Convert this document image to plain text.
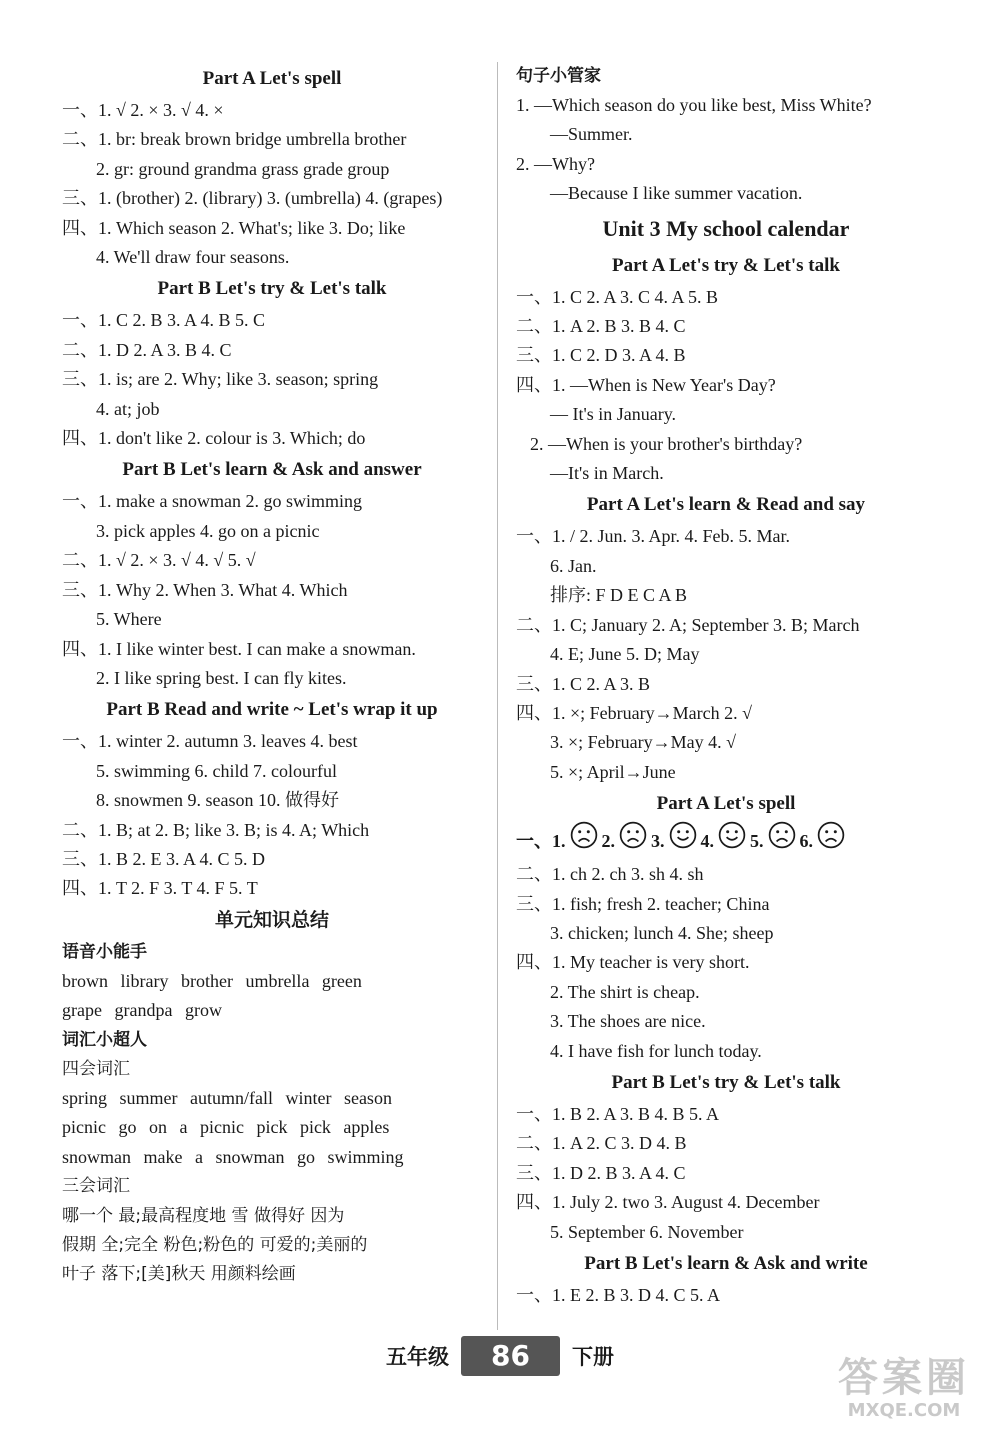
Part A Let's spell
一、1. √ 2. × 3. √ 4. ×
二、1. br: break brown bridge umbrella brother
2. gr: ground grandma grass grade group
三、1. (brother) 2. (library) 3. (umbrella) 4. (grapes)
四、1. Which season 2. What's; like 3. Do; like
4. We'll draw four seasons.
Part B Let's try & Let's talk
一、1. C 2. B 3. A 4. B 5. C
二、1. D 2. A 3. B 4. C
三、1. is; are 2. Why; like 3. season; spring
4. at; job
四、1. don't like 2. colour is 3. Which; do
Part B Let's learn & Ask and answer
一、1. make a snowman 2. go swimming
3. pick apples 4. go on a picnic
二、1. √ 2. × 3. √ 4. √ 5. √
三、1. Why 2. When 3. What 4. Which
5. Where
四、1. I like winter best. I can make a snowman.
2. I like spring best. I can fly kites.
Part B Read and write ~ Let's wrap it up
一、1. winter 2. autumn 3. leaves 4. best
5. swimming 6. child 7. colourful
8. snowmen 9. season 10. 做得好
二、1. B; at 2. B; like 3. B; is 4. A; Which
三、1. B 2. E 3. A 4. C 5. D
四、1. T 2. F 3. T 4. F 5. T
单元知识总结
语音小能手
brown library brother umbrella green
grape grandpa grow
词汇小超人
四会词汇
spring summer autumn/fall winter season
picnic go on a picnic pick pick apples
snowman make a snowman go swimming
三会词汇
哪一个 最;最高程度地 雪 做得好 因为
假期 全;完全 粉色;粉色的 可爱的;美丽的
叶子 落下;[美]秋天 用颜料绘画
句子小管家
1. —Which season do you like best, Miss White?
—Summer.
2. —Why?
—Because I like summer vacation.
Unit 3 My school calendar
Part A Let's try & Let's talk
一、1. C 2. A 3. C 4. A 5. B
二、1. A 2. B 3. B 4. C
三、1. C 2. D 3. A 4. B
四、1. —When is New Year's Day?
— It's in January.
2. —When is your brother's birthday?
—It's in March.
Part A Let's learn & Read and say
一、1. / 2. Jun. 3. Apr. 4. Feb. 5. Mar.
6. Jan.
排序: F D E C A B
二、1. C; January 2. A; September 3. B; March
4. E; June 5. D; May
三、1. C 2. A 3. B
四、1. ×; February→March 2. √
3. ×; February→May 4. √
5. ×; April→June
Part A Let's spell
一、1. 2. 3. 4. 5. 6.
二、1. ch 2. ch 3. sh 4. sh
三、1. fish; fresh 2. teacher; China
3. chicken; lunch 4. She; sheep
四、1. My teacher is very short.
2. The shirt is cheap.
3. The shoes are nice.
4. I have fish for lunch today.
Part B Let's try & Let's talk
一、1. B 2. A 3. B 4. B 5. A
二、1. A 2. C 3. D 4. B
三、1. D 2. B 3. A 4. C
四、1. July 2. two 3. August 4. December
5. September 6. November
Part B Let's learn & Ask and write
一、1. E 2. B 3. D 4. C 5. A
五年级 86 下册	答案圈
MXQE.COM
